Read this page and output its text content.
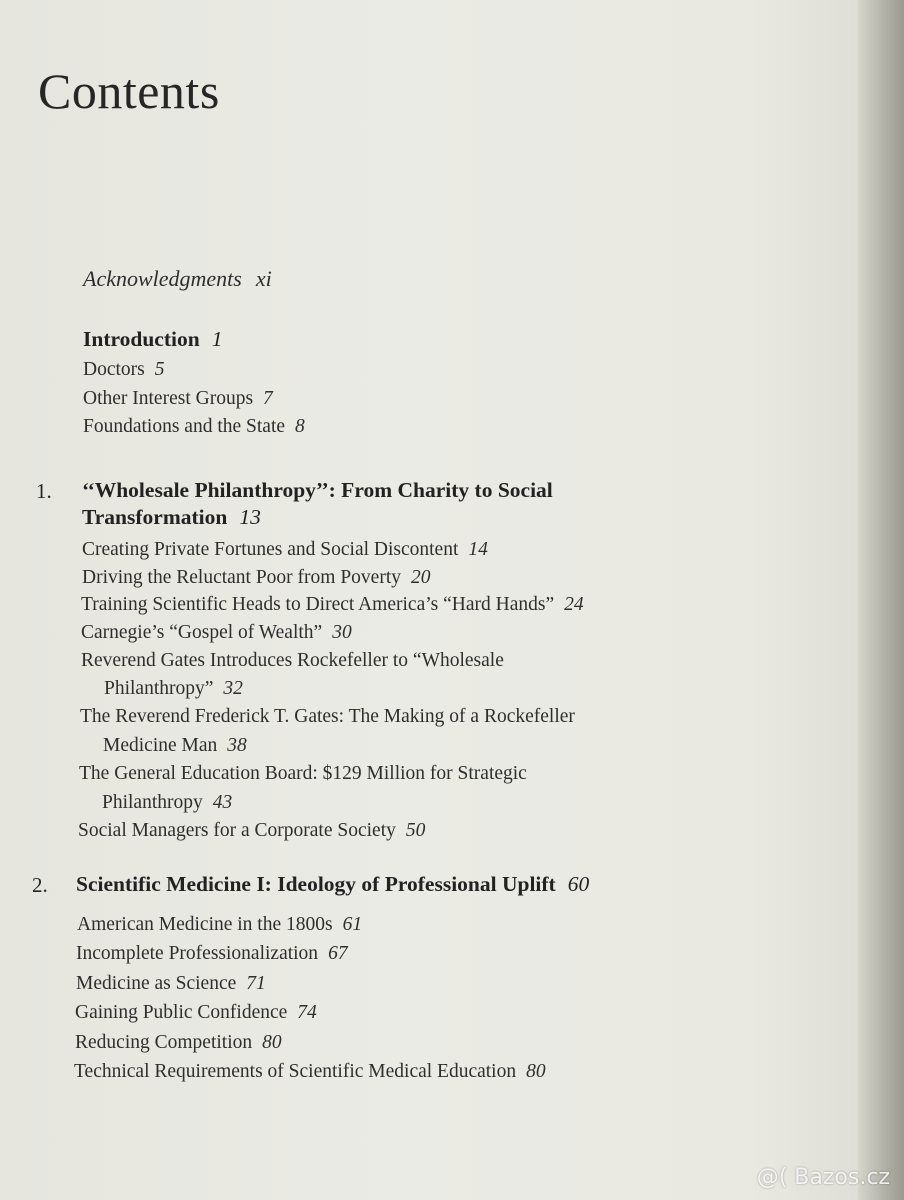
Contents
Acknowledgments xi
Introduction 1
Doctors 5
Other Interest Groups 7
Foundations and the State 8
1. ‘‘Wholesale Philanthropy’’: From Charity to Social
Transformation 13
Creating Private Fortunes and Social Discontent 14
Driving the Reluctant Poor from Poverty 20
Training Scientific Heads to Direct America’s “Hard Hands” 24
Carnegie’s “Gospel of Wealth” 30
Reverend Gates Introduces Rockefeller to “Wholesale
Philanthropy” 32
The Reverend Frederick T. Gates: The Making of a Rockefeller
Medicine Man 38
The General Education Board: $129 Million for Strategic
Philanthropy 43
Social Managers for a Corporate Society 50
2. Scientific Medicine I: Ideology of Professional Uplift 60
American Medicine in the 1800s 61
Incomplete Professionalization 67
Medicine as Science 71
Gaining Public Confidence 74
Reducing Competition 80
Technical Requirements of Scientific Medical Education 80
@( Bazos.cz
